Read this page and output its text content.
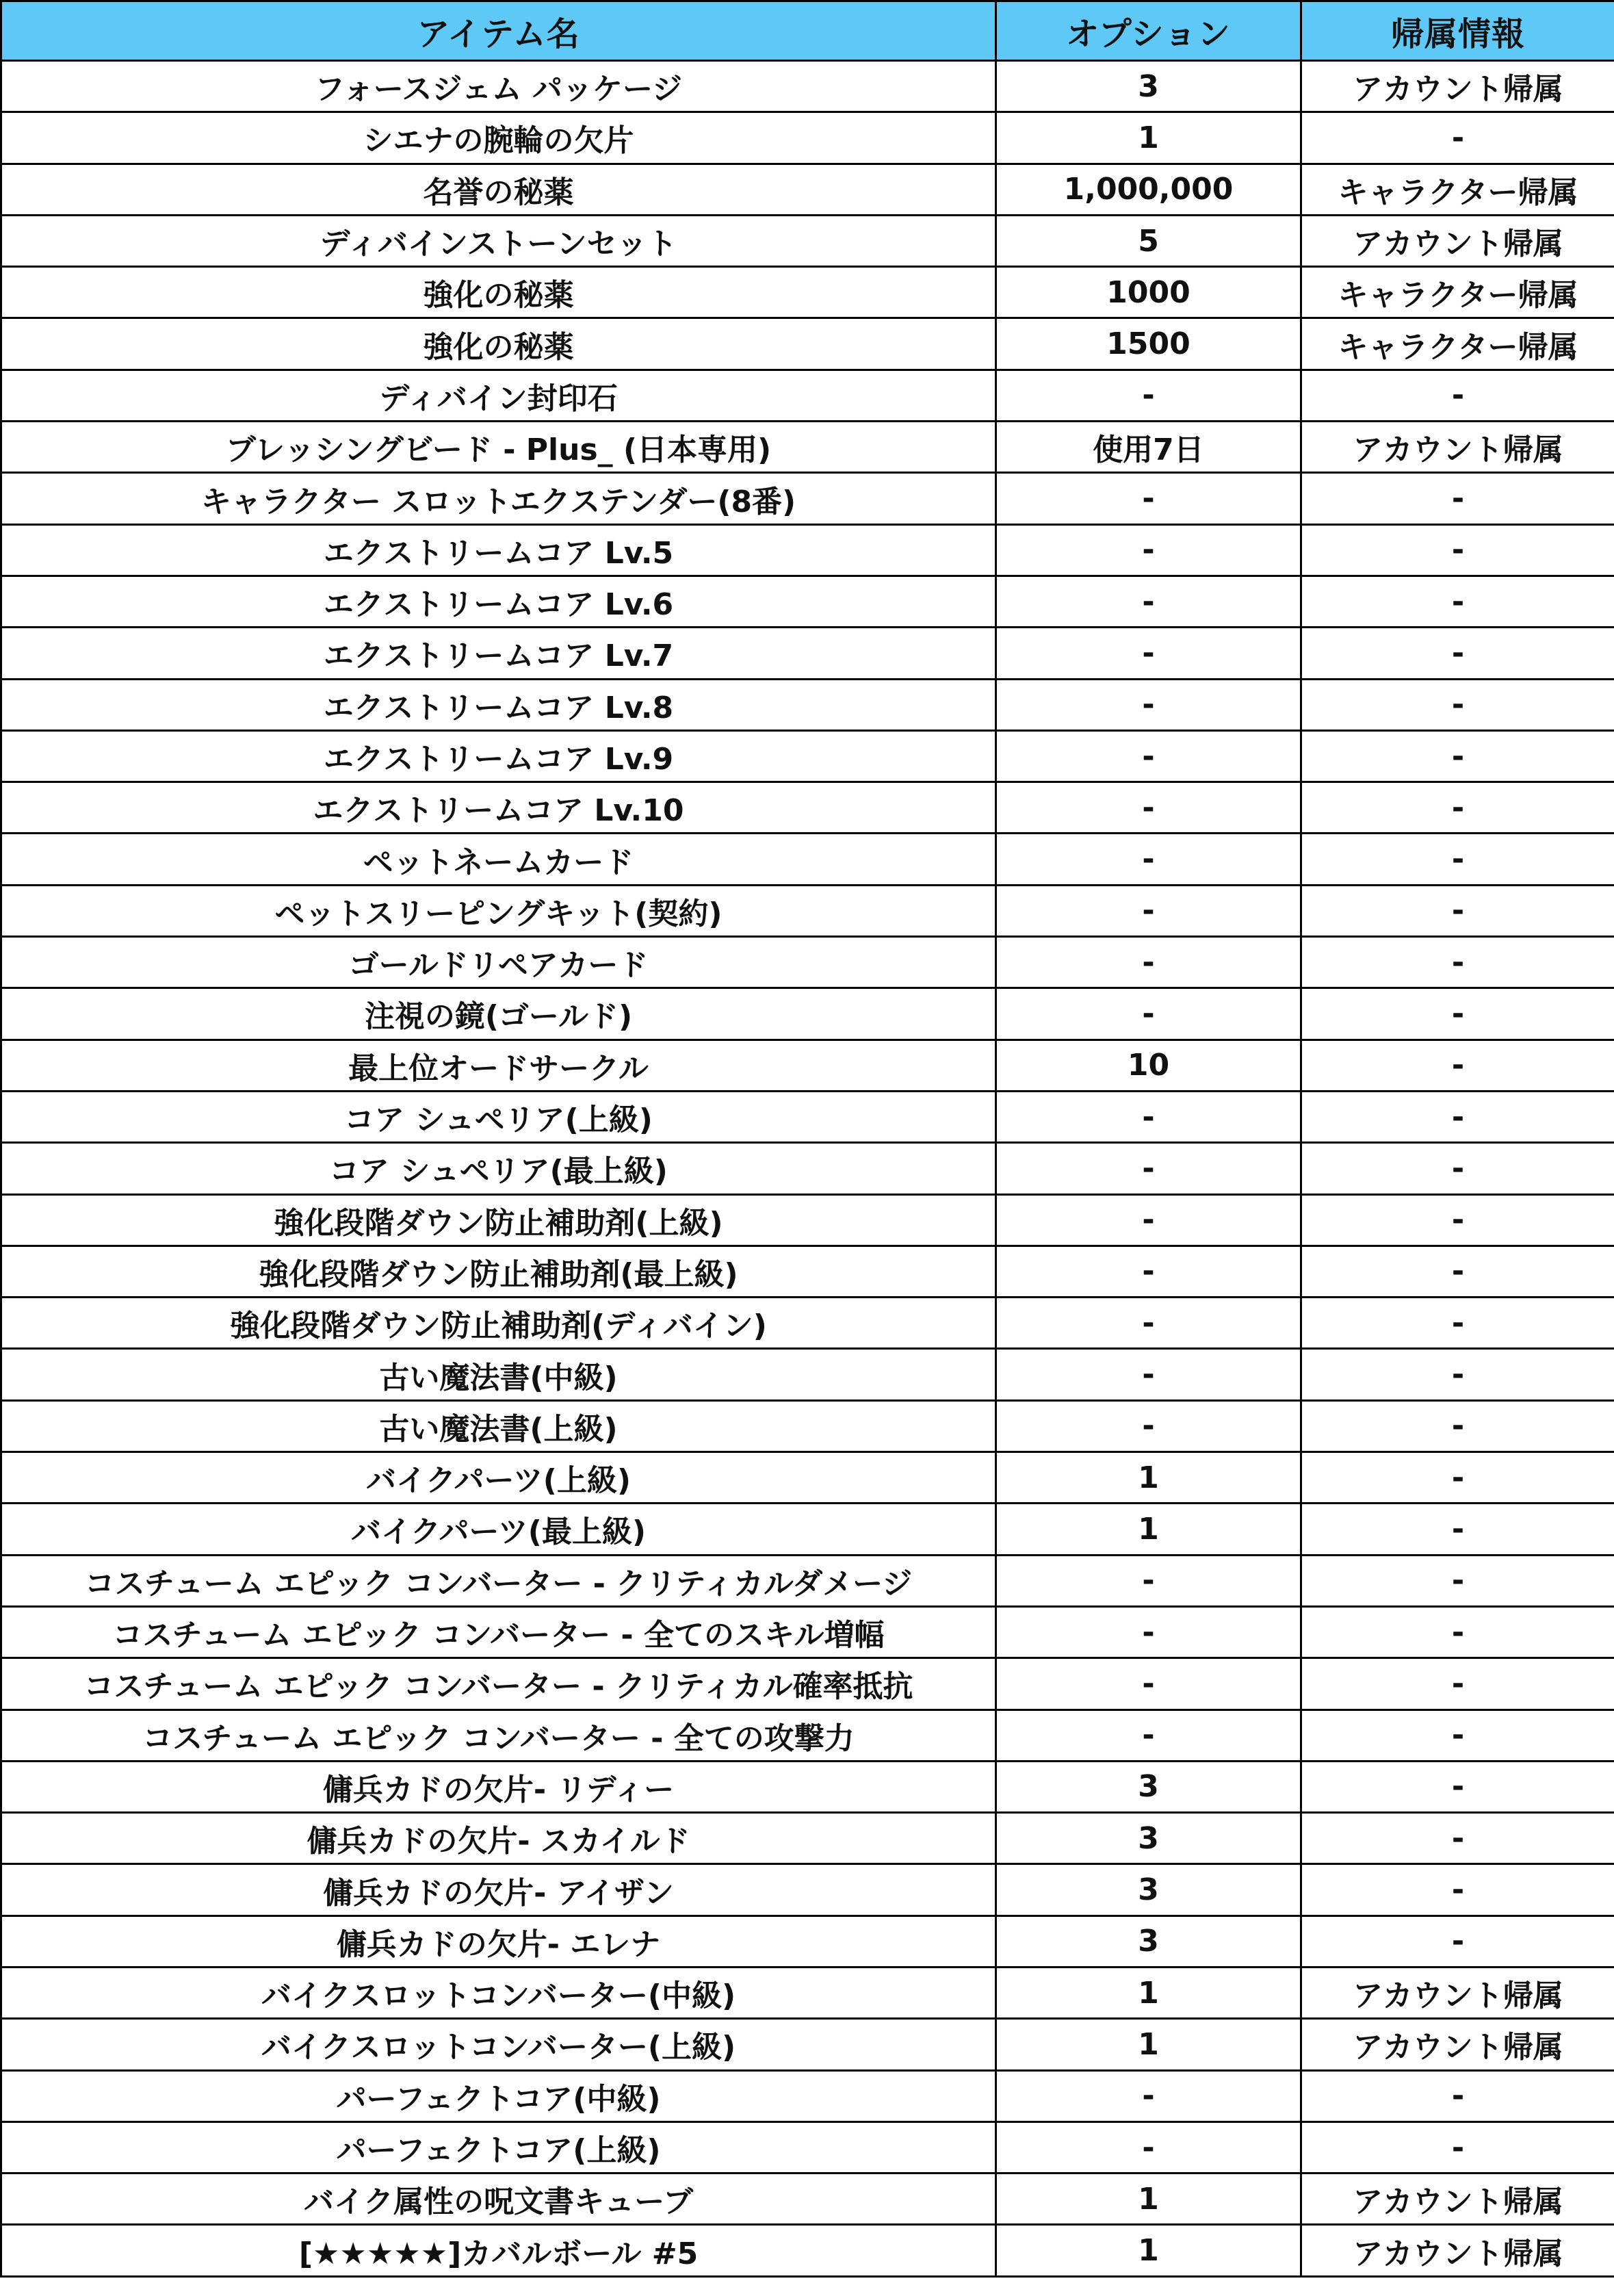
アイテム名	オプション	帰属情報
フォースジェム パッケージ	3	アカウント帰属
シエナの腕輪の欠片	1	-
名誉の秘薬	1,000,000	キャラクター帰属
ディバインストーンセット	5	アカウント帰属
強化の秘薬	1000	キャラクター帰属
強化の秘薬	1500	キャラクター帰属
ディバイン封印石	-	-
ブレッシングビード - Plus_ (日本専用)	使用7日	アカウント帰属
キャラクター スロットエクステンダー(8番)	-	-
エクストリームコア Lv.5	-	-
エクストリームコア Lv.6	-	-
エクストリームコア Lv.7	-	-
エクストリームコア Lv.8	-	-
エクストリームコア Lv.9	-	-
エクストリームコア Lv.10	-	-
ペットネームカード	-	-
ペットスリーピングキット(契約)	-	-
ゴールドリペアカード	-	-
注視の鏡(ゴールド)	-	-
最上位オードサークル	10	-
コア シュペリア(上級)	-	-
コア シュペリア(最上級)	-	-
強化段階ダウン防止補助剤(上級)	-	-
強化段階ダウン防止補助剤(最上級)	-	-
強化段階ダウン防止補助剤(ディバイン)	-	-
古い魔法書(中級)	-	-
古い魔法書(上級)	-	-
バイクパーツ(上級)	1	-
バイクパーツ(最上級)	1	-
コスチューム エピック コンバーター - クリティカルダメージ	-	-
コスチューム エピック コンバーター - 全てのスキル増幅	-	-
コスチューム エピック コンバーター - クリティカル確率抵抗	-	-
コスチューム エピック コンバーター - 全ての攻撃力	-	-
傭兵カドの欠片- リディー	3	-
傭兵カドの欠片- スカイルド	3	-
傭兵カドの欠片- アイザン	3	-
傭兵カドの欠片- エレナ	3	-
バイクスロットコンバーター(中級)	1	アカウント帰属
バイクスロットコンバーター(上級)	1	アカウント帰属
パーフェクトコア(中級)	-	-
パーフェクトコア(上級)	-	-
バイク属性の呪文書キューブ	1	アカウント帰属
[★★★★★]カバルボール #5	1	アカウント帰属
